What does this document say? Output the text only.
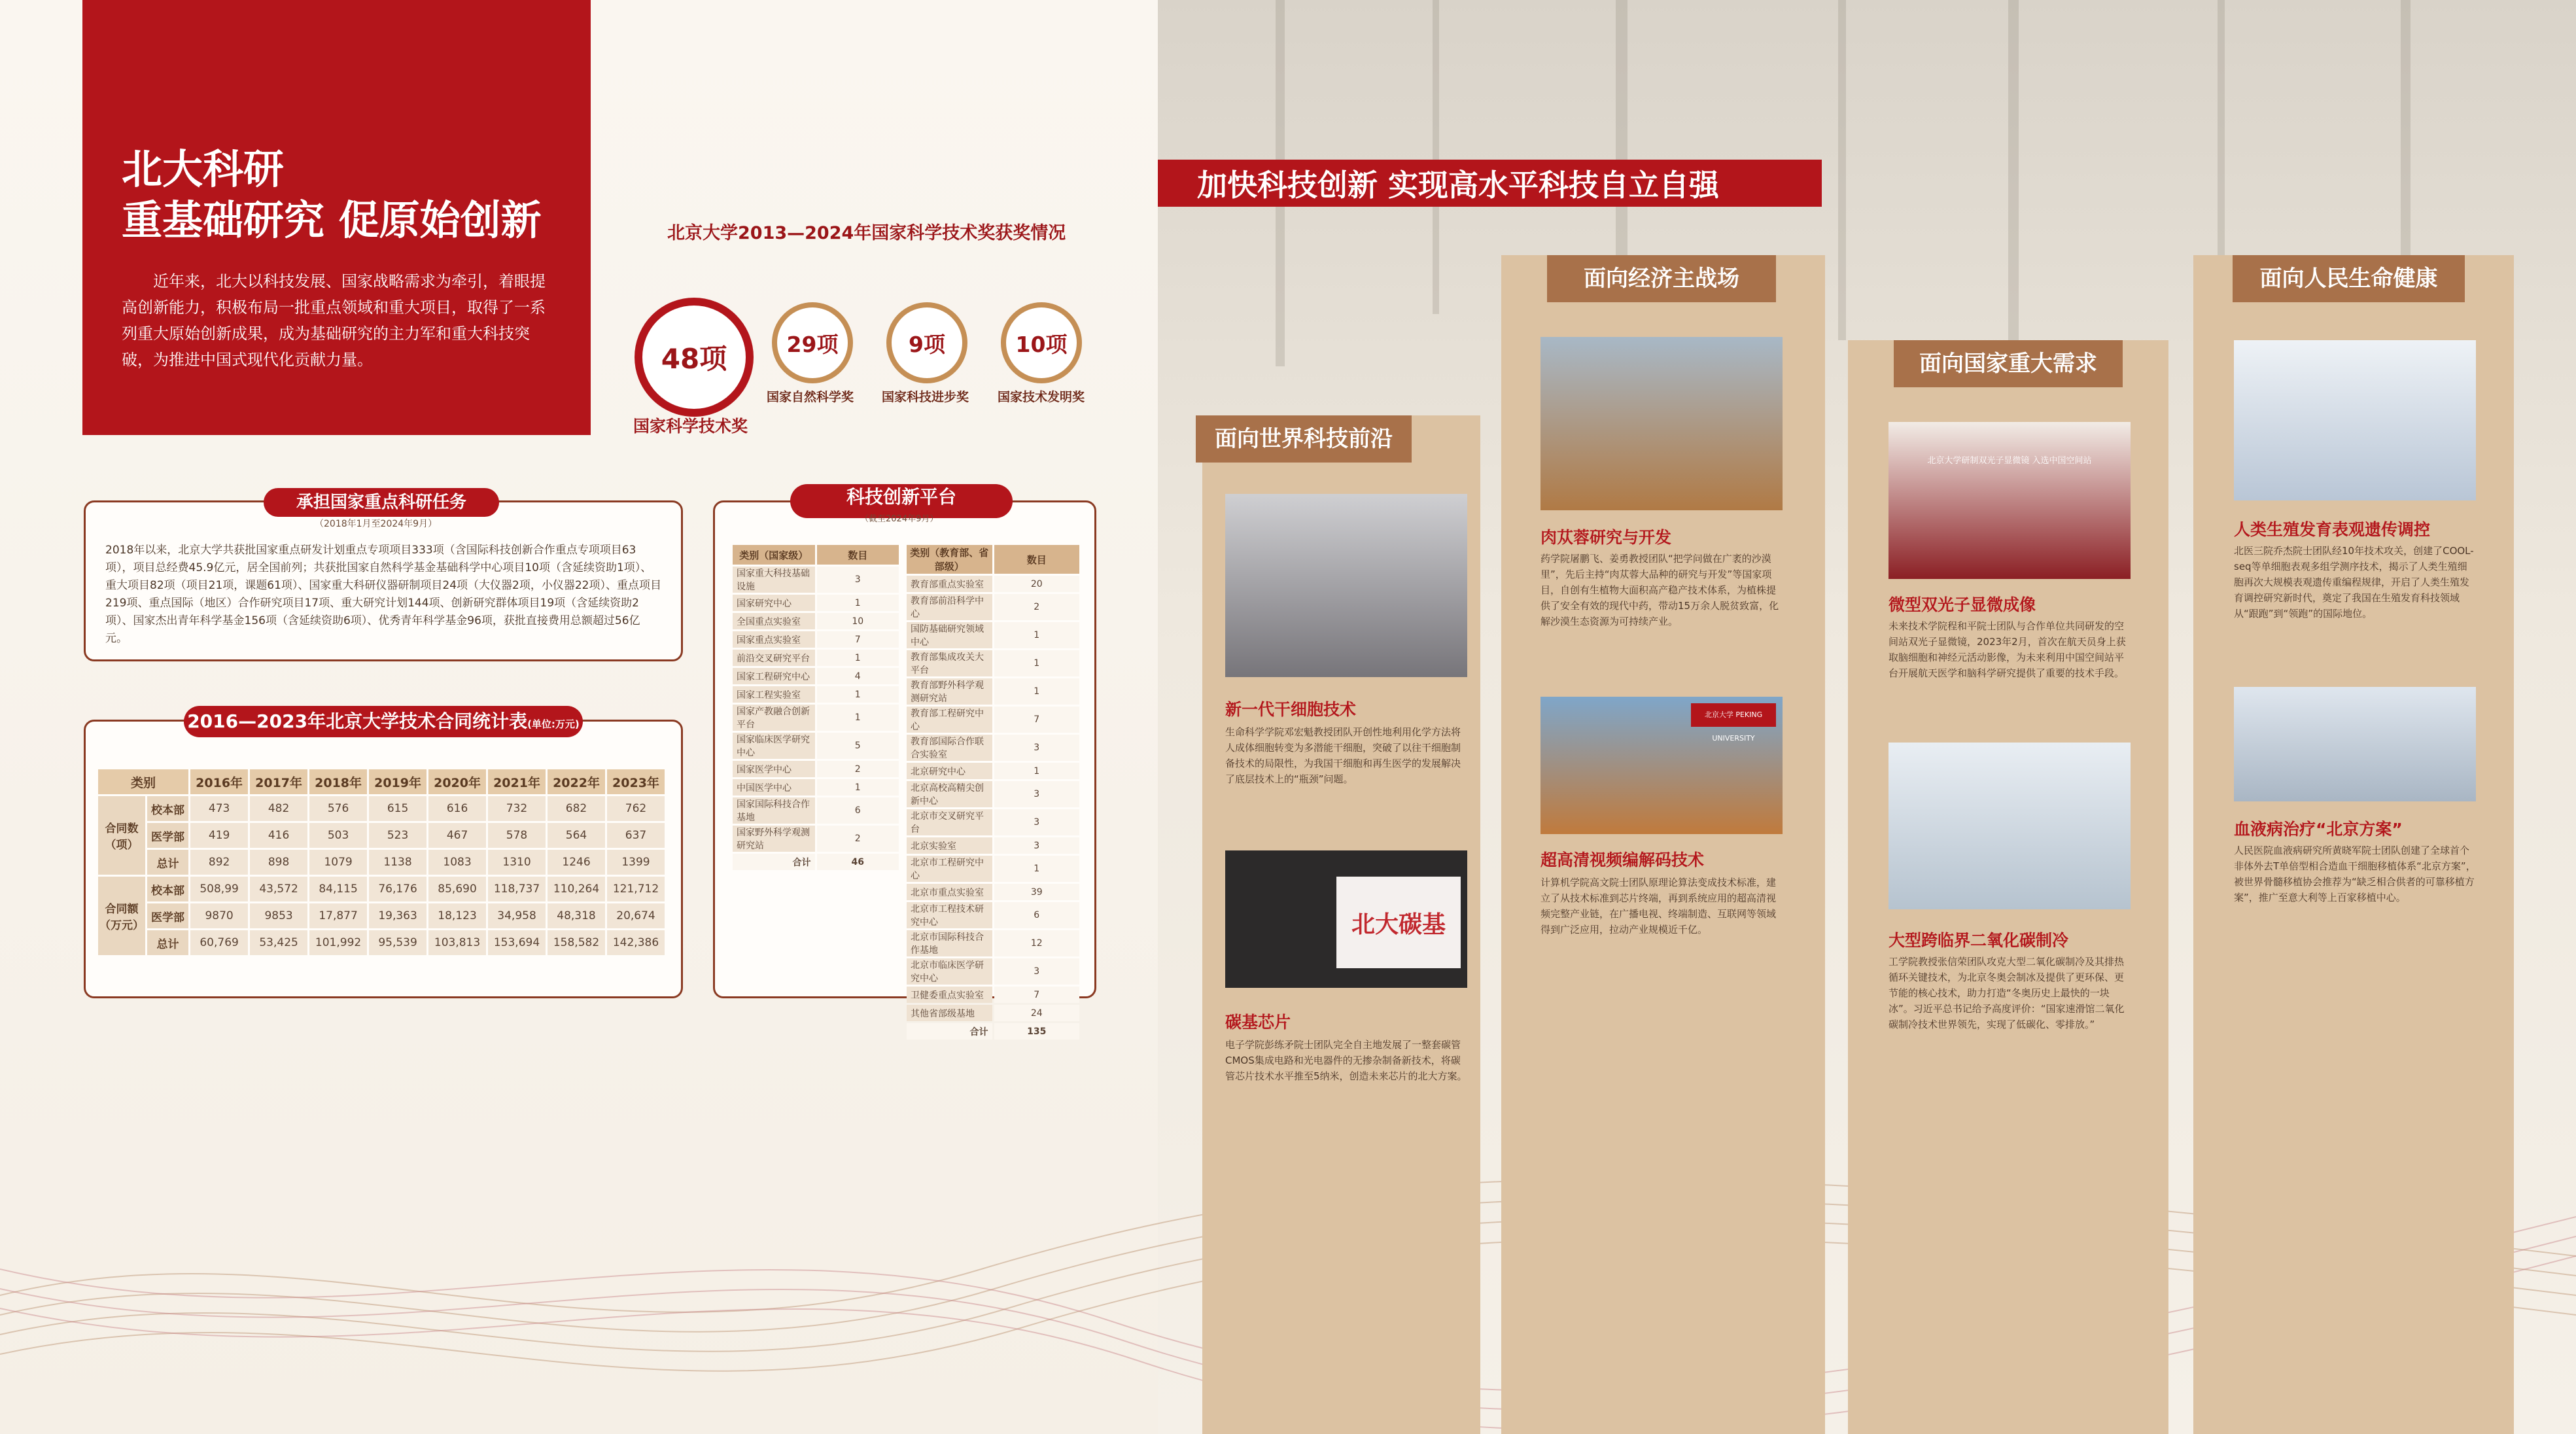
北大科研
重基础研究 促原始创新
近年来，北大以科技发展、国家战略需求为牵引，着眼提高创新能力，积极布局一批重点领域和重大项目，取得了一系列重大原始创新成果，成为基础研究的主力军和重大科技突破，为推进中国式现代化贡献力量。
北京大学2013—2024年国家科学技术奖获奖情况
48项
国家科学技术奖
29项
国家自然科学奖
9项
国家科技进步奖
10项
国家技术发明奖
承担国家重点科研任务
（2018年1月至2024年9月）
2018年以来，北京大学共获批国家重点研发计划重点专项项目333项（含国际科技创新合作重点专项项目63项），项目总经费45.9亿元，居全国前列；共获批国家自然科学基金基础科学中心项目10项（含延续资助1项）、重大项目82项（项目21项，课题61项）、国家重大科研仪器研制项目24项（大仪器2项，小仪器22项）、重点项目219项、重点国际（地区）合作研究项目17项、重大研究计划144项、创新研究群体项目19项（含延续资助2项）、国家杰出青年科学基金156项（含延续资助6项）、优秀青年科学基金96项，获批直接费用总额超过56亿元。
2016—2023年北京大学技术合同统计表(单位:万元)
类别		2016年	2017年	2018年	2019年	2020年	2021年	2022年	2023年
合同数（项）	校本部	473	482	576	615	616	732	682	762
	医学部	419	416	503	523	467	578	564	637
	总计	892	898	1079	1138	1083	1310	1246	1399
合同额（万元）	校本部	508,99	43,572	84,115	76,176	85,690	118,737	110,264	121,712
	医学部	9870	9853	17,877	19,363	18,123	34,958	48,318	20,674
	总计	60,769	53,425	101,992	95,539	103,813	153,694	158,582	142,386
科技创新平台
（截至2024年9月）
类别（国家级）	数目
国家重大科技基础设施	3
国家研究中心	1
全国重点实验室	10
国家重点实验室	7
前沿交叉研究平台	1
国家工程研究中心	4
国家工程实验室	1
国家产教融合创新平台	1
国家临床医学研究中心	5
国家医学中心	2
中国医学中心	1
国家国际科技合作基地	6
国家野外科学观测研究站	2
合计	46
类别（教育部、省部级）	数目
教育部重点实验室	20
教育部前沿科学中心	2
国防基础研究领域中心	1
教育部集成攻关大平台	1
教育部野外科学观测研究站	1
教育部工程研究中心	7
教育部国际合作联合实验室	3
北京研究中心	1
北京高校高精尖创新中心	3
北京市交叉研究平台	3
北京实验室	3
北京市工程研究中心	1
北京市重点实验室	39
北京市工程技术研究中心	6
北京市国际科技合作基地	12
北京市临床医学研究中心	3
卫健委重点实验室	7
其他省部级基地	24
合计	135
加快科技创新 实现高水平科技自立自强
面向世界科技前沿
新一代干细胞技术
生命科学学院邓宏魁教授团队开创性地利用化学方法将人成体细胞转变为多潜能干细胞，突破了以往干细胞制备技术的局限性，为我国干细胞和再生医学的发展解决了底层技术上的“瓶颈”问题。
北大碳基
碳基芯片
电子学院彭练矛院士团队完全自主地发展了一整套碳管CMOS集成电路和光电器件的无掺杂制备新技术，将碳管芯片技术水平推至5纳米，创造未来芯片的北大方案。
面向经济主战场
肉苁蓉研究与开发
药学院屠鹏飞、姜勇教授团队“把学问做在广袤的沙漠里”，先后主持“肉苁蓉大品种的研究与开发”等国家项目，自创有生植物大面积高产稳产技术体系，为植株提供了安全有效的现代中药，带动15万余人脱贫致富，化解沙漠生态资源为可持续产业。
北京大学 PEKING UNIVERSITY
超高清视频编解码技术
计算机学院高文院士团队原理论算法变成技术标准，建立了从技术标准到芯片终端，再到系统应用的超高清视频完整产业链，在广播电视、终端制造、互联网等领域得到广泛应用，拉动产业规模近千亿。
面向国家重大需求
北京大学研制双光子显微镜 入选中国空间站
微型双光子显微成像
未来技术学院程和平院士团队与合作单位共同研发的空间站双光子显微镜，2023年2月，首次在航天员身上获取脑细胞和神经元活动影像，为未来利用中国空间站平台开展航天医学和脑科学研究提供了重要的技术手段。
大型跨临界二氧化碳制冷
工学院教授张信荣团队攻克大型二氧化碳制冷及其排热循环关键技术，为北京冬奥会制冰及提供了更环保、更节能的核心技术，助力打造“冬奥历史上最快的一块冰”。习近平总书记给予高度评价：“国家速滑馆二氧化碳制冷技术世界领先，实现了低碳化、零排放。”
面向人民生命健康
人类生殖发育表观遗传调控
北医三院乔杰院士团队经10年技术攻关，创建了COOL-seq等单细胞表观多组学测序技术，揭示了人类生殖细胞再次大规模表观遗传重编程规律，开启了人类生殖发育调控研究新时代，奠定了我国在生殖发育科技领域从“跟跑”到“领跑”的国际地位。
血液病治疗“北京方案”
人民医院血液病研究所黄晓军院士团队创建了全球首个非体外去T单倍型相合造血干细胞移植体系“北京方案”，被世界骨髓移植协会推荐为“缺乏相合供者的可靠移植方案”，推广至意大利等上百家移植中心。
